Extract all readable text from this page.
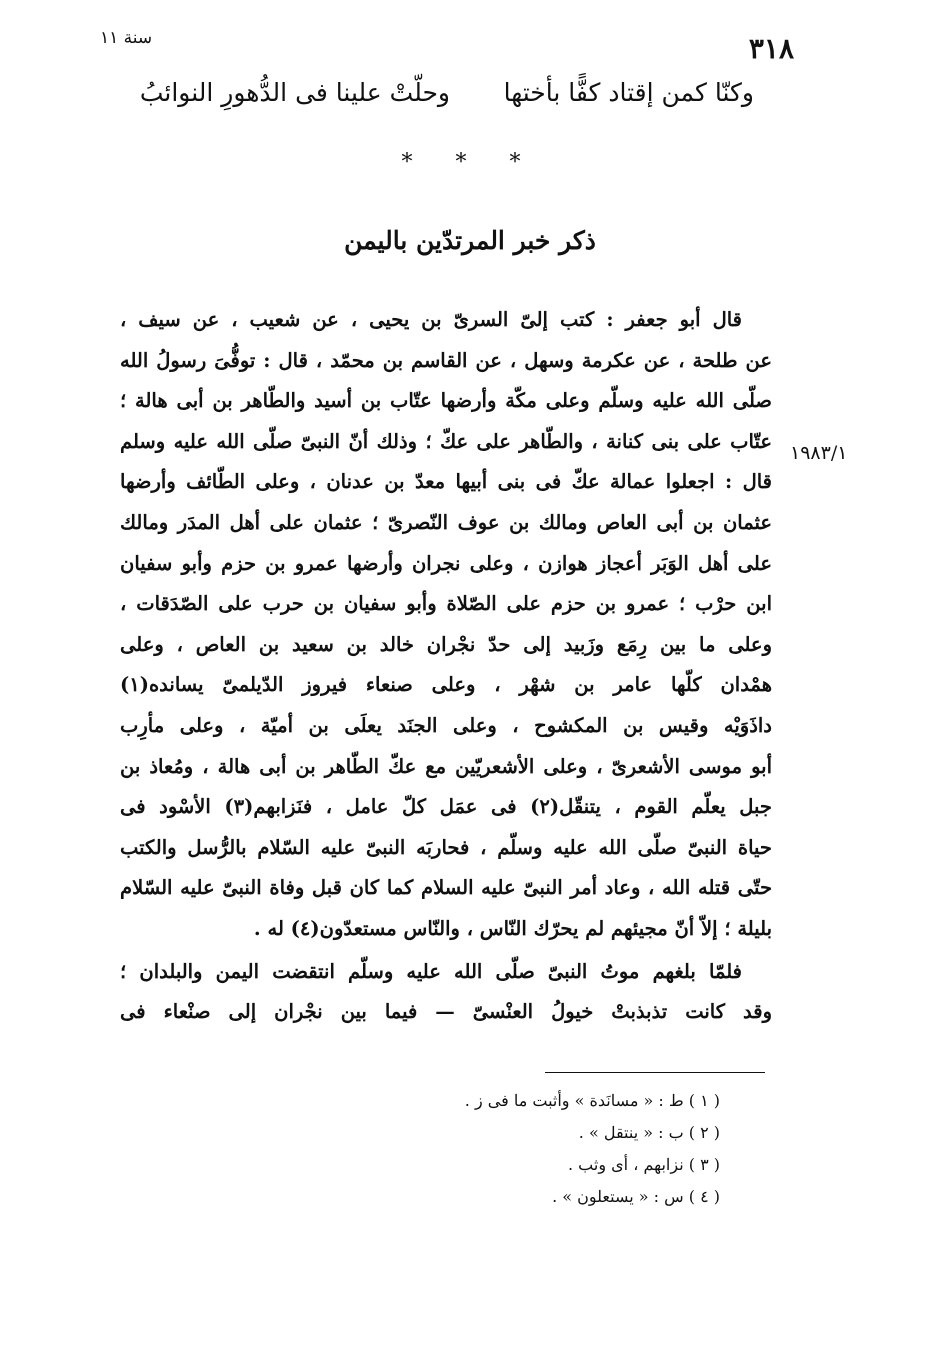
٣١٨
سنة ١١
وكنّا كمن إقتاد كفًّا بأختها
وحلّتْ علينا فى الدُّهورِ النوائبُ
* * *
ذكر خبر المرتدّين باليمن
١٩٨٣/١
قال أبو جعفر : كتب إلىّ السرىّ بن يحيى ، عن شعيب ، عن سيف ،
عن طلحة ، عن عكرمة وسهل ، عن القاسم بن محمّد ، قال : توفُّىَ رسولُ الله
صلّى الله عليه وسلّم وعلى مكّة وأرضها عتّاب بن أسيد والطّاهر بن أبى هالة ؛
عتّاب على بنى كنانة ، والطّاهر على عكّ ؛ وذلك أنّ النبىّ صلّى الله عليه وسلم
قال : اجعلوا عمالة عكّ فى بنى أبيها معدّ بن عدنان ، وعلى الطّائف وأرضها
عثمان بن أبى العاص ومالك بن عوف النّصرىّ ؛ عثمان على أهل المدَر ومالك
على أهل الوَبَر أعجاز هوازن ، وعلى نجران وأرضها عمرو بن حزم وأبو سفيان
ابن حرْب ؛ عمرو بن حزم على الصّلاة وأبو سفيان بن حرب على الصّدَقات ،
وعلى ما بين رِمَع وزَبيد إلى حدّ نجْران خالد بن سعيد بن العاص ، وعلى
همْدان كلّها عامر بن شهْر ، وعلى صنعاء فيروز الدّيلمىّ يسانده(١)
داذَوَيْه وقيس بن المكشوح ، وعلى الجنَد يعلَى بن أميّة ، وعلى مأرِب
أبو موسى الأشعرىّ ، وعلى الأشعريّين مع عكّ الطّاهر بن أبى هالة ، ومُعاذ بن
جبل يعلّم القوم ، يتنقّل(٢) فى عمَل كلّ عامل ، فنَزابهم(٣) الأسْود فى
حياة النبىّ صلّى الله عليه وسلّم ، فحاربَه النبىّ عليه السّلام بالرُّسل والكتب
حتّى قتله الله ، وعاد أمر النبىّ عليه السلام كما كان قبل وفاة النبىّ عليه السّلام
بليلة ؛ إلاّ أنّ مجيئهم لم يحرّك النّاس ، والنّاس مستعدّون(٤) له .
فلمّا بلغهم موتُ النبىّ صلّى الله عليه وسلّم انتقضت اليمن والبلدان ؛
وقد كانت تذبذبتْ خيولُ العنْسىّ — فيما بين نجْران إلى صنْعاء فى
( ١ ) ط : « مسانَدة » وأثبت ما فى ز .
( ٢ ) ب : « ينتقل » .
( ٣ ) نزابهم ، أى وثب .
( ٤ ) س : « يستعلون » .
